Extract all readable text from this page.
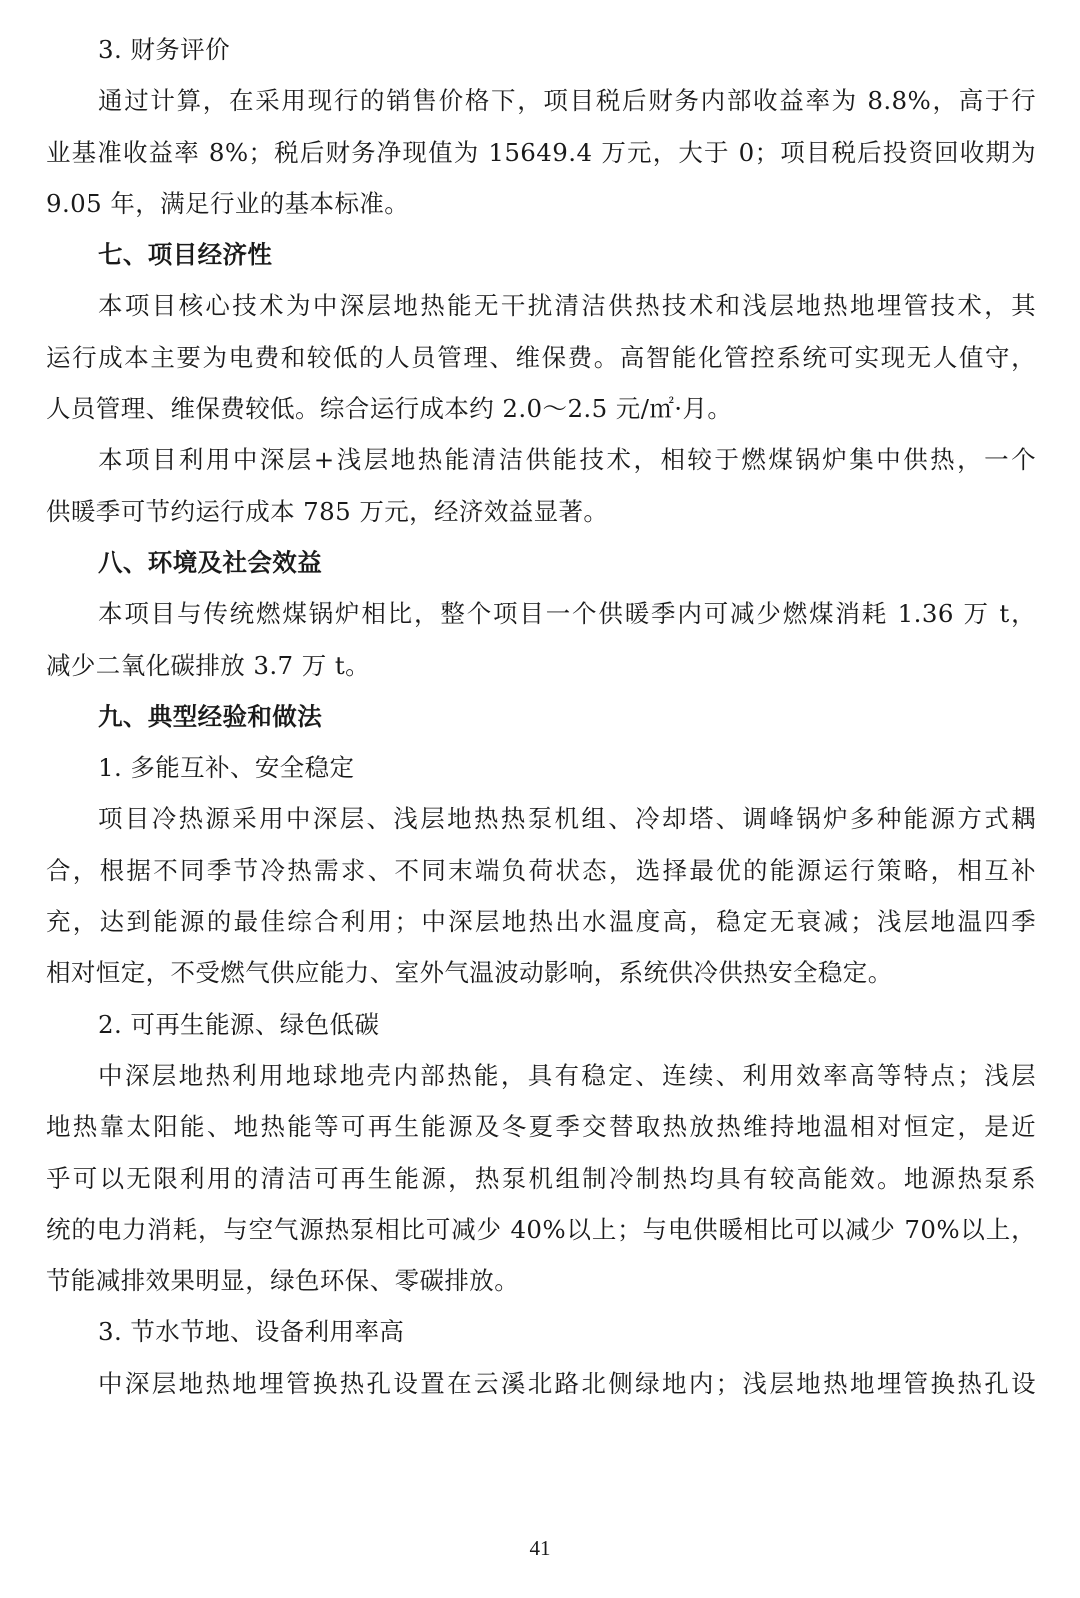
3. 财务评价
通过计算，在采用现行的销售价格下，项目税后财务内部收益率为 8.8%，高于行
业基准收益率 8%；税后财务净现值为 15649.4 万元，大于 0；项目税后投资回收期为
9.05 年，满足行业的基本标准。
七、项目经济性
本项目核心技术为中深层地热能无干扰清洁供热技术和浅层地热地埋管技术，其
运行成本主要为电费和较低的人员管理、维保费。高智能化管控系统可实现无人值守，
人员管理、维保费较低。综合运行成本约 2.0～2.5 元/㎡·月。
本项目利用中深层+浅层地热能清洁供能技术，相较于燃煤锅炉集中供热，一个
供暖季可节约运行成本 785 万元，经济效益显著。
八、环境及社会效益
本项目与传统燃煤锅炉相比，整个项目一个供暖季内可减少燃煤消耗 1.36 万 t，
减少二氧化碳排放 3.7 万 t。
九、典型经验和做法
1. 多能互补、安全稳定
项目冷热源采用中深层、浅层地热热泵机组、冷却塔、调峰锅炉多种能源方式耦
合，根据不同季节冷热需求、不同末端负荷状态，选择最优的能源运行策略，相互补
充，达到能源的最佳综合利用；中深层地热出水温度高，稳定无衰减；浅层地温四季
相对恒定，不受燃气供应能力、室外气温波动影响，系统供冷供热安全稳定。
2. 可再生能源、绿色低碳
中深层地热利用地球地壳内部热能，具有稳定、连续、利用效率高等特点；浅层
地热靠太阳能、地热能等可再生能源及冬夏季交替取热放热维持地温相对恒定，是近
乎可以无限利用的清洁可再生能源，热泵机组制冷制热均具有较高能效。地源热泵系
统的电力消耗，与空气源热泵相比可减少 40%以上；与电供暖相比可以减少 70%以上，
节能减排效果明显，绿色环保、零碳排放。
3. 节水节地、设备利用率高
中深层地热地埋管换热孔设置在云溪北路北侧绿地内；浅层地热地埋管换热孔设
41
